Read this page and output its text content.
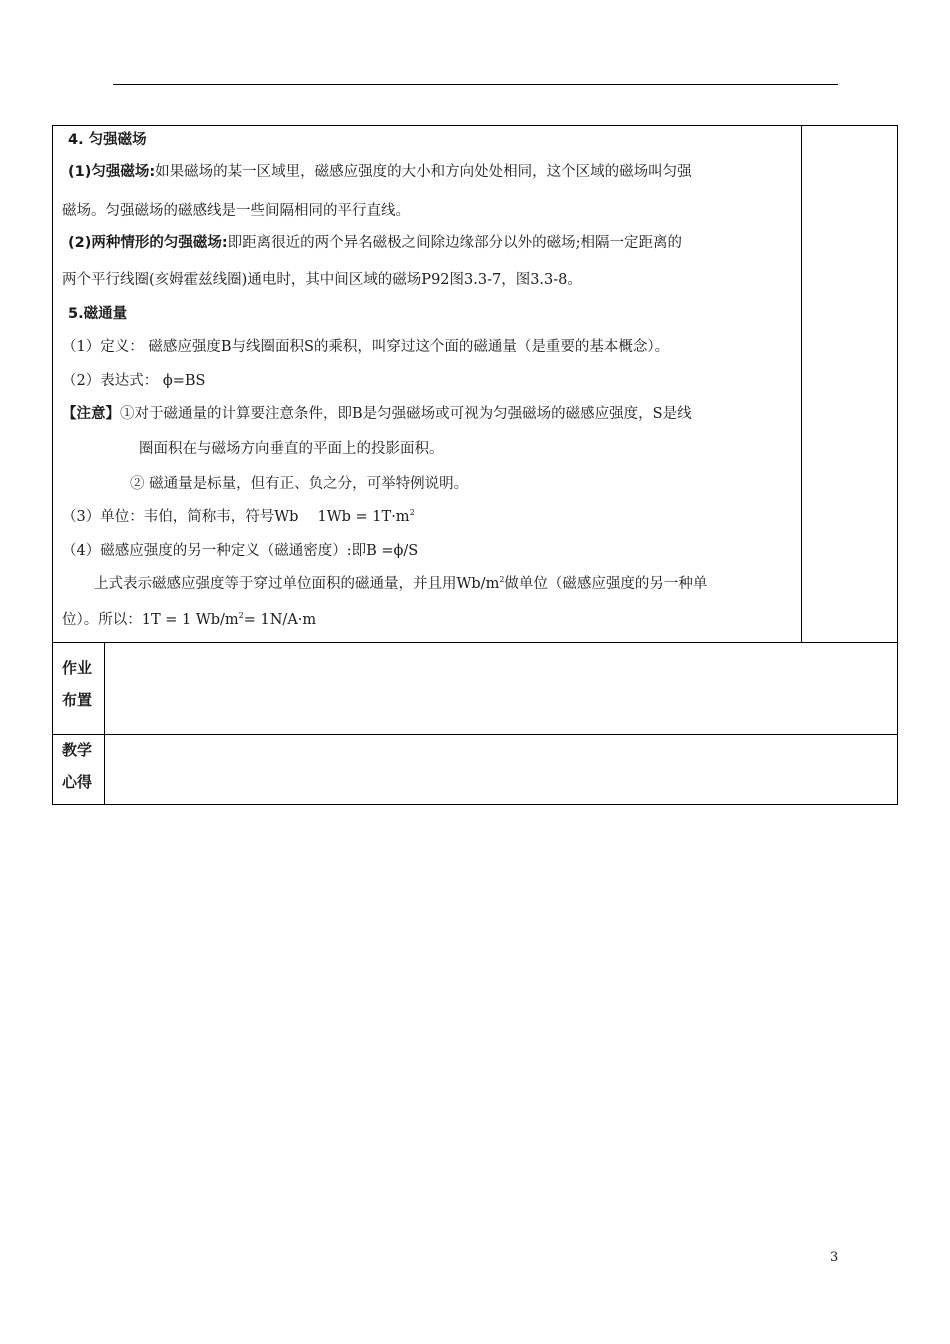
4. 匀强磁场
(1)匀强磁场:如果磁场的某一区域里，磁感应强度的大小和方向处处相同，这个区域的磁场叫匀强
磁场。匀强磁场的磁感线是一些间隔相同的平行直线。
(2)两种情形的匀强磁场:即距离很近的两个异名磁极之间除边缘部分以外的磁场;相隔一定距离的
两个平行线圈(亥姆霍兹线圈)通电时，其中间区域的磁场P92图3.3-7，图3.3-8。
5.磁通量
（1）定义： 磁感应强度B与线圈面积S的乘积，叫穿过这个面的磁通量（是重要的基本概念）。
（2）表达式： ϕ=BS
【注意】①对于磁通量的计算要注意条件，即B是匀强磁场或可视为匀强磁场的磁感应强度，S是线
圈面积在与磁场方向垂直的平面上的投影面积。
② 磁通量是标量，但有正、负之分，可举特例说明。
（3）单位：韦伯，简称韦，符号Wb　 $1Wb = 1T\cdot m^2$
（4）磁感应强度的另一种定义（磁通密度）:即B =ϕ/S
上式表示磁感应强度等于穿过单位面积的磁通量，并且用$Wb/m^2$做单位（磁感应强度的另一种单
位）。所以：1T = 1 $Wb/m^2= 1N/A\cdot m$
作业
布置
教学
心得
3
